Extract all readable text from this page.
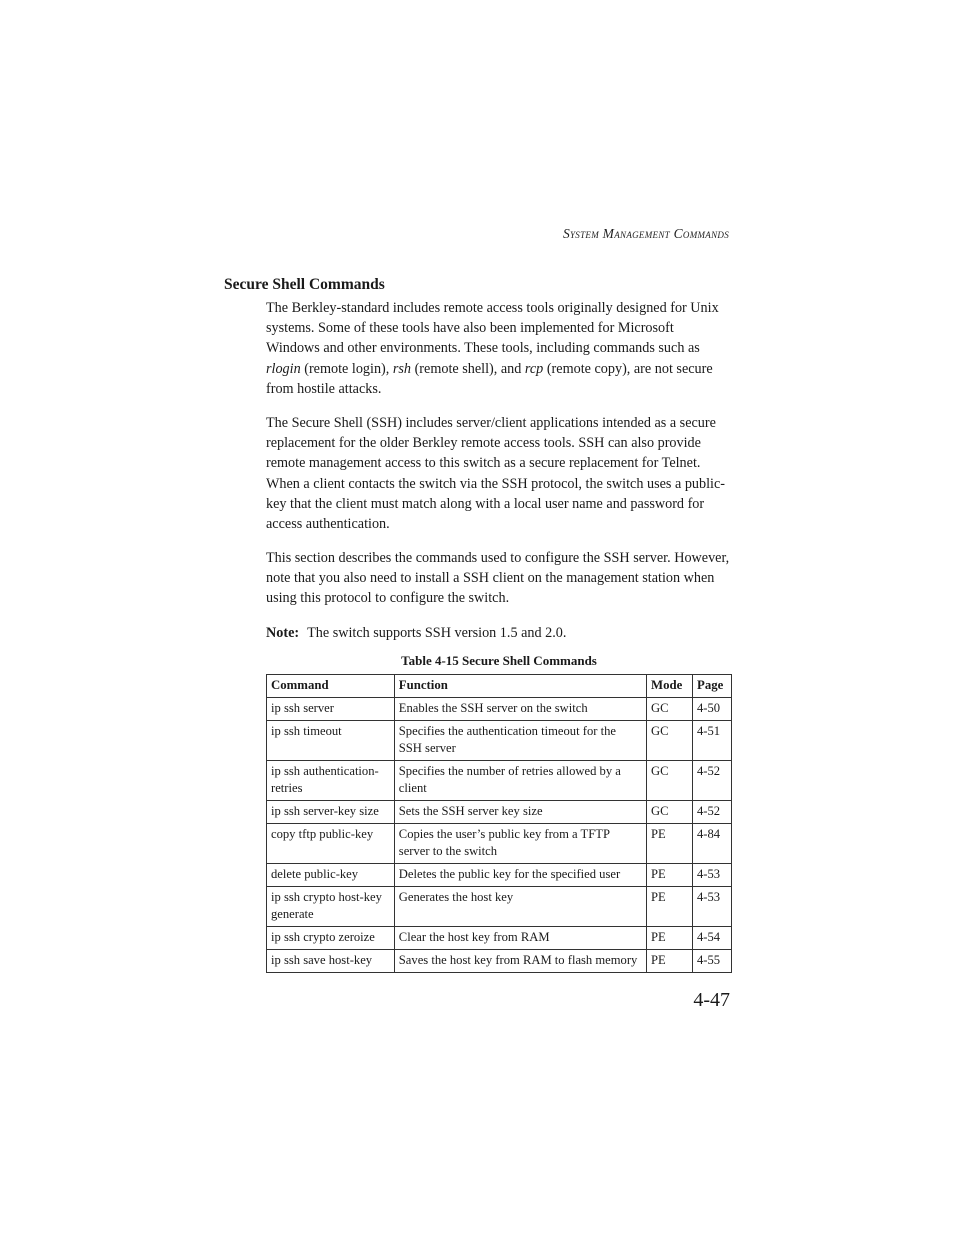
System Management Commands
Secure Shell Commands

The Berkley-standard includes remote access tools originally designed for Unix systems. Some of these tools have also been implemented for Microsoft Windows and other environments. These tools, including commands such as rlogin (remote login), rsh (remote shell), and rcp (remote copy), are not secure from hostile attacks.

The Secure Shell (SSH) includes server/client applications intended as a secure replacement for the older Berkley remote access tools. SSH can also provide remote management access to this switch as a secure replacement for Telnet. When a client contacts the switch via the SSH protocol, the switch uses a public-key that the client must match along with a local user name and password for access authentication.

This section describes the commands used to configure the SSH server. However, note that you also need to install a SSH client on the management station when using this protocol to configure the switch.

Note: The switch supports SSH version 1.5 and 2.0.

Table 4-15 Secure Shell Commands
Command	Function	Mode	Page
ip ssh server	Enables the SSH server on the switch	GC	4-50
ip ssh timeout	Specifies the authentication timeout for the SSH server	GC	4-51
ip ssh authentication-retries	Specifies the number of retries allowed by a client	GC	4-52
ip ssh server-key size	Sets the SSH server key size	GC	4-52
copy tftp public-key	Copies the user’s public key from a TFTP server to the switch	PE	4-84
delete public-key	Deletes the public key for the specified user	PE	4-53
ip ssh crypto host-key generate	Generates the host key	PE	4-53
ip ssh crypto zeroize	Clear the host key from RAM	PE	4-54
ip ssh save host-key	Saves the host key from RAM to flash memory	PE	4-55
4-47
